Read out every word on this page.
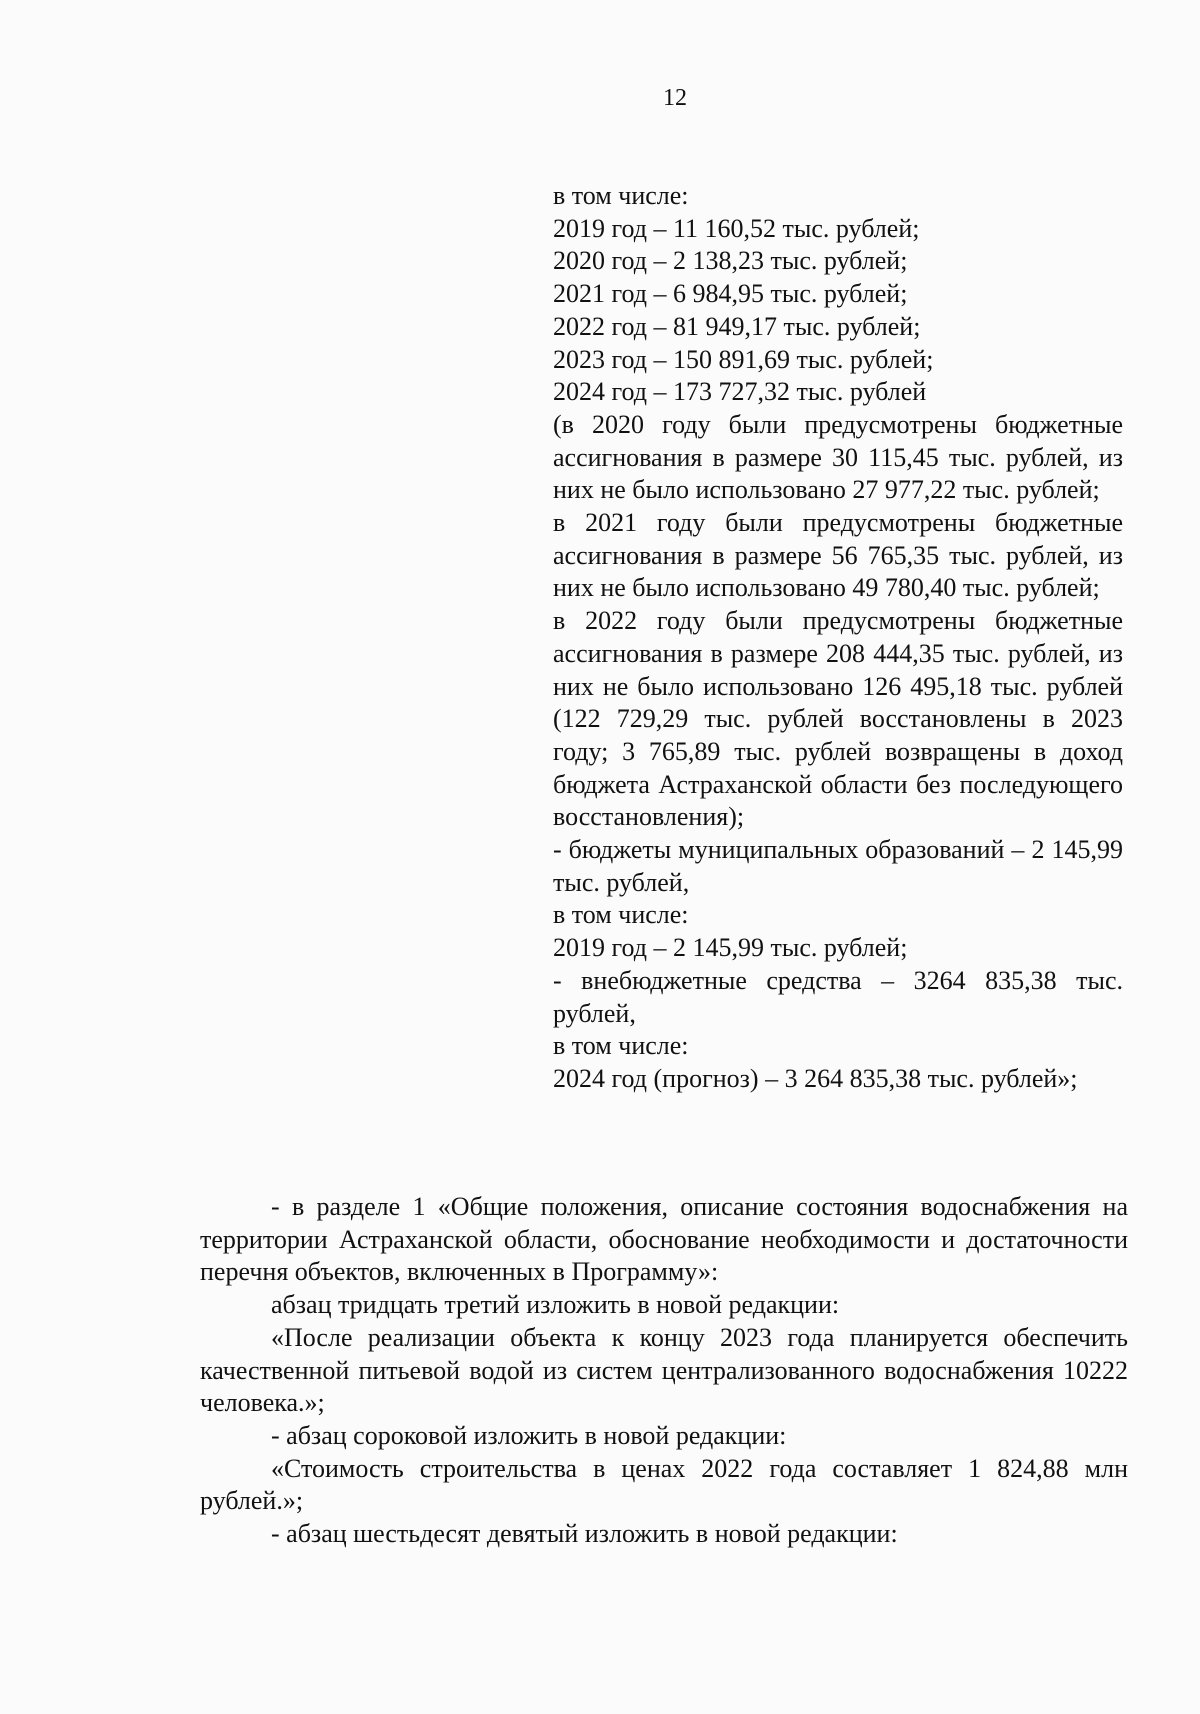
12

в том числе:

2019 год – 11 160,52 тыс. рублей;

2020 год – 2 138,23 тыс. рублей;

2021 год – 6 984,95 тыс. рублей;

2022 год – 81 949,17 тыс. рублей;

2023 год – 150 891,69 тыс. рублей;

2024 год – 173 727,32 тыс. рублей

(в 2020 году были предусмотрены бюджетные ассигнования в размере 30 115,45 тыс. рублей, из них не было использовано 27 977,22 тыс. рублей;

в 2021 году были предусмотрены бюджетные ассигнования в размере 56 765,35 тыс. рублей, из них не было использовано 49 780,40 тыс. рублей;

в 2022 году были предусмотрены бюджетные ассигнования в размере 208 444,35 тыс. рублей, из них не было использовано 126 495,18 тыс. рублей (122 729,29 тыс. рублей восстановлены в 2023 году; 3 765,89 тыс. рублей возвращены в доход бюджета Астраханской области без последующего восстановления);

- бюджеты муниципальных образований – 2 145,99 тыс. рублей,

в том числе:

2019 год – 2 145,99 тыс. рублей;

- внебюджетные средства – 3264 835,38 тыс. рублей,

в том числе:

2024 год (прогноз) – 3 264 835,38 тыс. рублей»;

- в разделе 1 «Общие положения, описание состояния водоснабжения на территории Астраханской области, обоснование необходимости и достаточности перечня объектов, включенных в Программу»:

абзац тридцать третий изложить в новой редакции:

«После реализации объекта к концу 2023 года планируется обеспечить качественной питьевой водой из систем централизованного водоснабжения 10222 человека.»;

- абзац сороковой изложить в новой редакции:

«Стоимость строительства в ценах 2022 года составляет 1 824,88 млн рублей.»;

- абзац шестьдесят девятый изложить в новой редакции:
